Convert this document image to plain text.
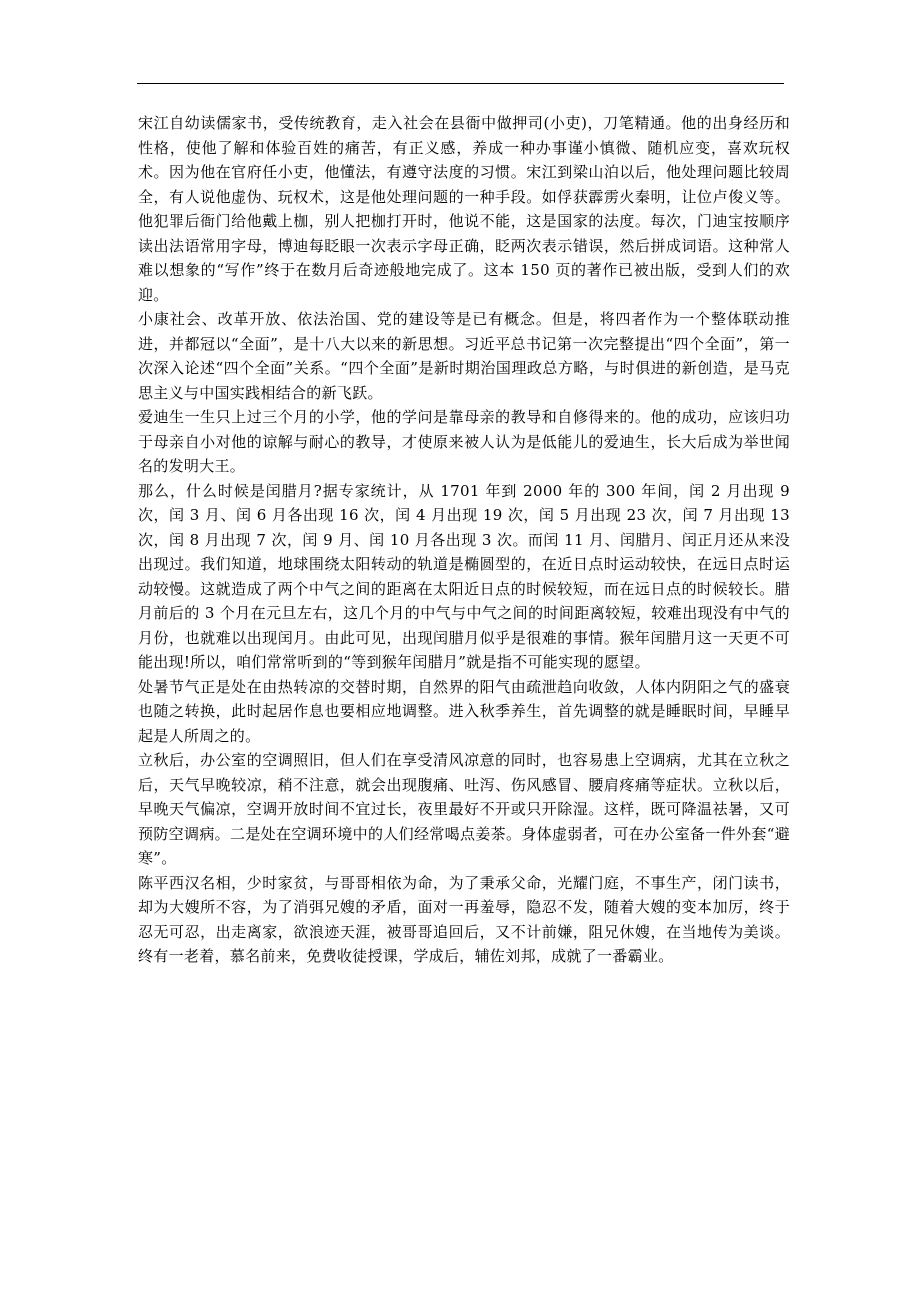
宋江自幼读儒家书，受传统教育，走入社会在县衙中做押司(小吏)，刀笔精通。他的出身经历和性格，使他了解和体验百姓的痛苦，有正义感，养成一种办事谨小慎微、随机应变，喜欢玩权术。因为他在官府任小吏，他懂法，有遵守法度的习惯。宋江到梁山泊以后，他处理问题比较周全，有人说他虚伪、玩权术，这是他处理问题的一种手段。如俘获霹雳火秦明，让位卢俊义等。他犯罪后衙门给他戴上枷，别人把枷打开时，他说不能，这是国家的法度。每次，门迪宝按顺序读出法语常用字母，博迪每眨眼一次表示字母正确，眨两次表示错误，然后拼成词语。这种常人难以想象的“写作”终于在数月后奇迹般地完成了。这本 150 页的著作已被出版，受到人们的欢迎。

小康社会、改革开放、依法治国、党的建设等是已有概念。但是，将四者作为一个整体联动推进，并都冠以“全面”，是十八大以来的新思想。习近平总书记第一次完整提出“四个全面”，第一次深入论述“四个全面”关系。“四个全面”是新时期治国理政总方略，与时俱进的新创造，是马克思主义与中国实践相结合的新飞跃。

爱迪生一生只上过三个月的小学，他的学问是靠母亲的教导和自修得来的。他的成功，应该归功于母亲自小对他的谅解与耐心的教导，才使原来被人认为是低能儿的爱迪生，长大后成为举世闻名的发明大王。

那么，什么时候是闰腊月?据专家统计，从 1701 年到 2000 年的 300 年间，闰 2 月出现 9 次，闰 3 月、闰 6 月各出现 16 次，闰 4 月出现 19 次，闰 5 月出现 23 次，闰 7 月出现 13 次，闰 8 月出现 7 次，闰 9 月、闰 10 月各出现 3 次。而闰 11 月、闰腊月、闰正月还从来没出现过。我们知道，地球围绕太阳转动的轨道是椭圆型的，在近日点时运动较快，在远日点时运动较慢。这就造成了两个中气之间的距离在太阳近日点的时候较短，而在远日点的时候较长。腊月前后的 3 个月在元旦左右，这几个月的中气与中气之间的时间距离较短，较难出现没有中气的月份，也就难以出现闰月。由此可见，出现闰腊月似乎是很难的事情。猴年闰腊月这一天更不可能出现!所以，咱们常常听到的“等到猴年闰腊月”就是指不可能实现的愿望。

处暑节气正是处在由热转凉的交替时期，自然界的阳气由疏泄趋向收敛，人体内阴阳之气的盛衰也随之转换，此时起居作息也要相应地调整。进入秋季养生，首先调整的就是睡眠时间，早睡早起是人所周之的。

立秋后，办公室的空调照旧，但人们在享受清风凉意的同时，也容易患上空调病，尤其在立秋之后，天气早晚较凉，稍不注意，就会出现腹痛、吐泻、伤风感冒、腰肩疼痛等症状。立秋以后，早晚天气偏凉，空调开放时间不宜过长，夜里最好不开或只开除湿。这样，既可降温祛暑，又可预防空调病。二是处在空调环境中的人们经常喝点姜茶。身体虚弱者，可在办公室备一件外套“避寒”。

陈平西汉名相，少时家贫，与哥哥相依为命，为了秉承父命，光耀门庭，不事生产，闭门读书，却为大嫂所不容，为了消弭兄嫂的矛盾，面对一再羞辱，隐忍不发，随着大嫂的变本加厉，终于忍无可忍，出走离家，欲浪迹天涯，被哥哥追回后，又不计前嫌，阻兄休嫂，在当地传为美谈。终有一老着，慕名前来，免费收徒授课，学成后，辅佐刘邦，成就了一番霸业。
